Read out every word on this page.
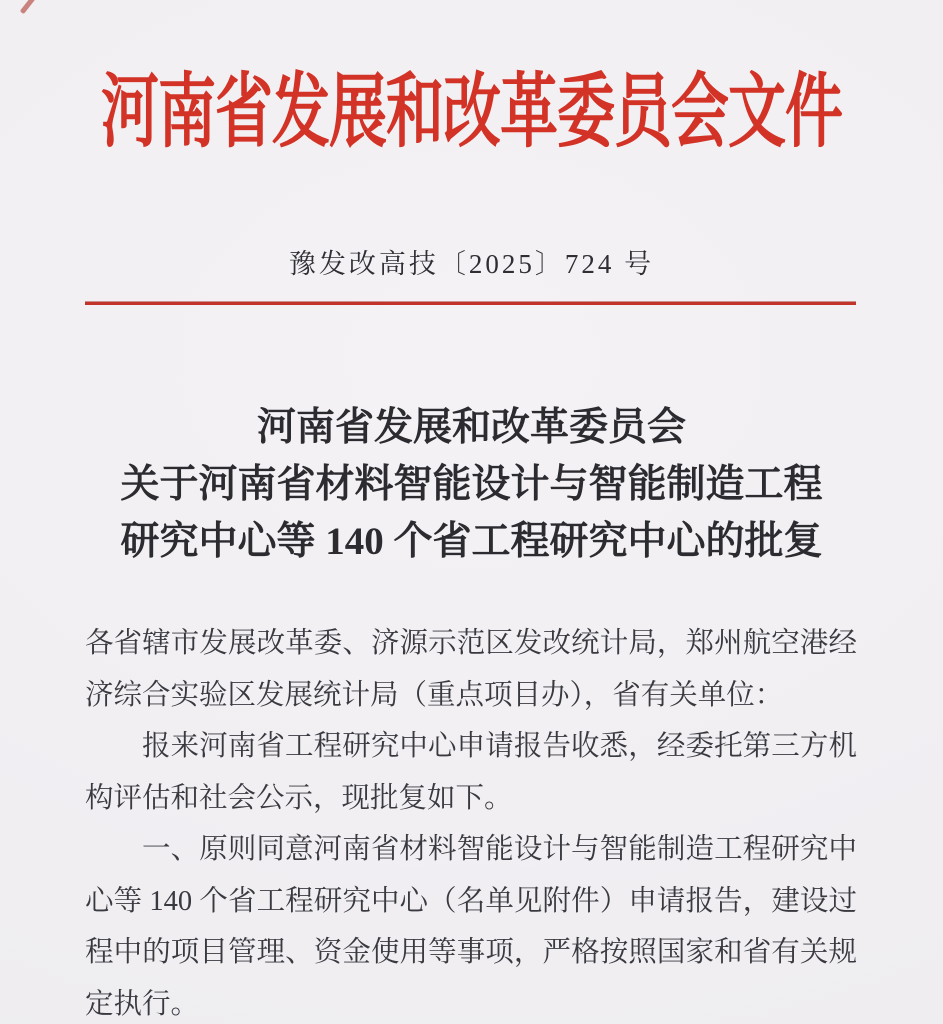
河南省发展和改革委员会文件
豫发改高技〔2025〕724 号
河南省发展和改革委员会
关于河南省材料智能设计与智能制造工程
研究中心等 140 个省工程研究中心的批复
各省辖市发展改革委、济源示范区发改统计局，郑州航空港经
济综合实验区发展统计局（重点项目办），省有关单位：
报来河南省工程研究中心申请报告收悉，经委托第三方机
构评估和社会公示，现批复如下。
一、原则同意河南省材料智能设计与智能制造工程研究中
心等 140 个省工程研究中心（名单见附件）申请报告，建设过
程中的项目管理、资金使用等事项，严格按照国家和省有关规
定执行。
